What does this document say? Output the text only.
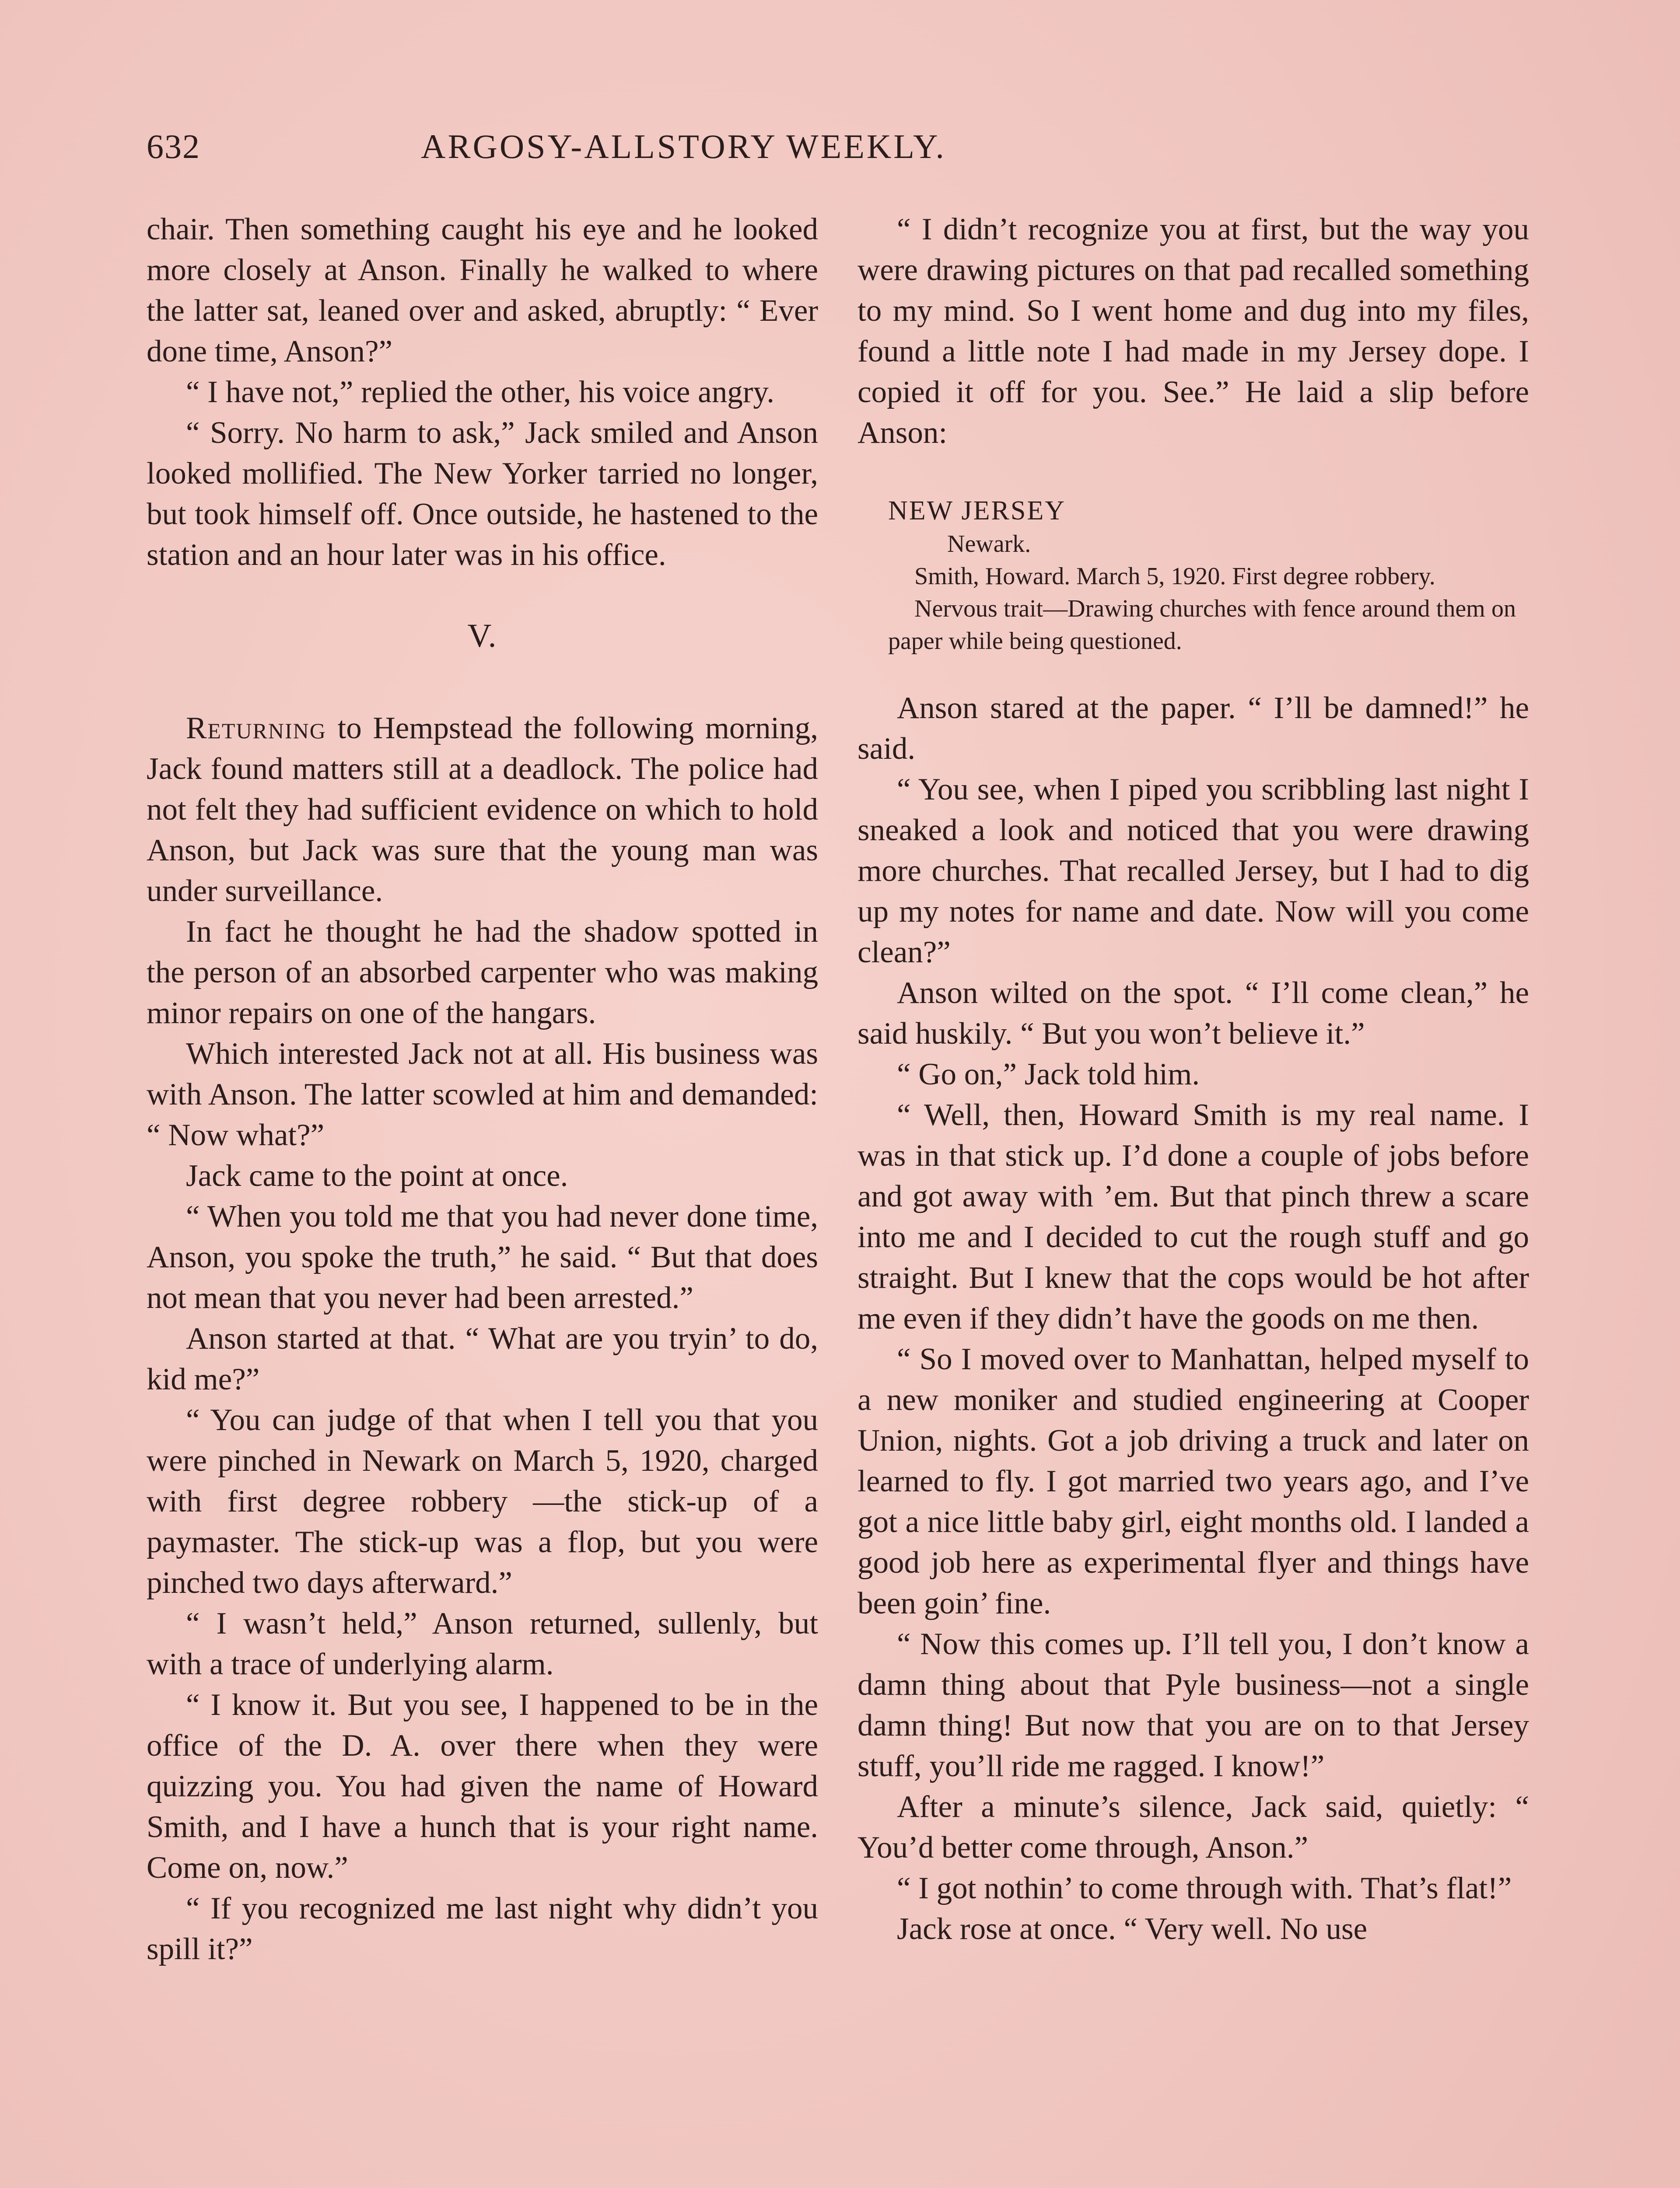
632	ARGOSY-ALLSTORY WEEKLY.

chair. Then something caught his eye and he looked more closely at Anson. Finally he walked to where the latter sat, leaned over and asked, abruptly: “ Ever done time, Anson?”

“ I have not,” replied the other, his voice angry.

“ Sorry. No harm to ask,” Jack smiled and Anson looked mollified. The New Yorker tarried no longer, but took himself off. Once outside, he hastened to the station and an hour later was in his office.

V.

Returning to Hempstead the following morning, Jack found matters still at a deadlock. The police had not felt they had sufficient evidence on which to hold Anson, but Jack was sure that the young man was under surveillance.

In fact he thought he had the shadow spotted in the person of an absorbed carpenter who was making minor repairs on one of the hangars.

Which interested Jack not at all. His business was with Anson. The latter scowled at him and demanded: “ Now what?”

Jack came to the point at once.

“ When you told me that you had never done time, Anson, you spoke the truth,” he said. “ But that does not mean that you never had been arrested.”

Anson started at that. “ What are you tryin’ to do, kid me?”

“ You can judge of that when I tell you that you were pinched in Newark on March 5, 1920, charged with first degree robbery —the stick-up of a paymaster. The stick-up was a flop, but you were pinched two days afterward.”

“ I wasn’t held,” Anson returned, sullenly, but with a trace of underlying alarm.

“ I know it. But you see, I happened to be in the office of the D. A. over there when they were quizzing you. You had given the name of Howard Smith, and I have a hunch that is your right name. Come on, now.”

“ If you recognized me last night why didn’t you spill it?”

“ I didn’t recognize you at first, but the way you were drawing pictures on that pad recalled something to my mind. So I went home and dug into my files, found a little note I had made in my Jersey dope. I copied it off for you. See.” He laid a slip before Anson:

NEW JERSEY
Newark.
Smith, Howard. March 5, 1920. First degree robbery.
Nervous trait—Drawing churches with fence around them on paper while being questioned.

Anson stared at the paper. “ I’ll be damned!” he said.

“ You see, when I piped you scribbling last night I sneaked a look and noticed that you were drawing more churches. That recalled Jersey, but I had to dig up my notes for name and date. Now will you come clean?”

Anson wilted on the spot. “ I’ll come clean,” he said huskily. “ But you won’t believe it.”

“ Go on,” Jack told him.

“ Well, then, Howard Smith is my real name. I was in that stick up. I’d done a couple of jobs before and got away with ’em. But that pinch threw a scare into me and I decided to cut the rough stuff and go straight. But I knew that the cops would be hot after me even if they didn’t have the goods on me then.

“ So I moved over to Manhattan, helped myself to a new moniker and studied engineering at Cooper Union, nights. Got a job driving a truck and later on learned to fly. I got married two years ago, and I’ve got a nice little baby girl, eight months old. I landed a good job here as experimental flyer and things have been goin’ fine.

“ Now this comes up. I’ll tell you, I don’t know a damn thing about that Pyle business—not a single damn thing! But now that you are on to that Jersey stuff, you’ll ride me ragged. I know!”

After a minute’s silence, Jack said, quietly: “ You’d better come through, Anson.”

“ I got nothin’ to come through with. That’s flat!”

Jack rose at once. “ Very well. No use
